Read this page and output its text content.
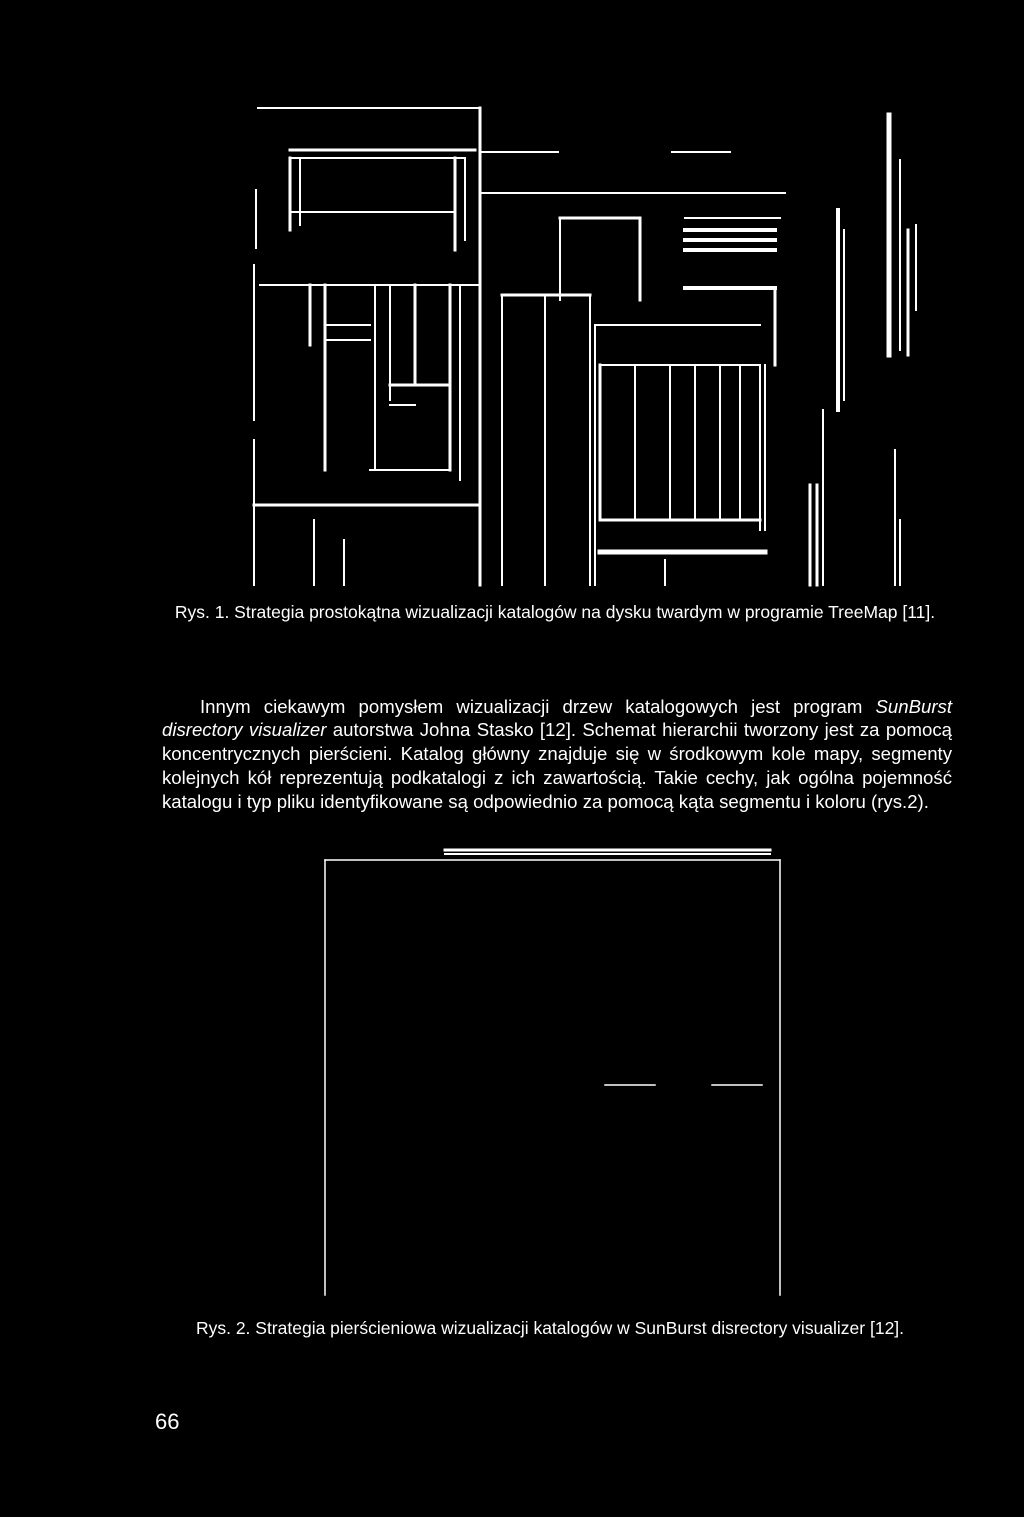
Rys. 1. Strategia prostokątna wizualizacji katalogów na dysku twardym w programie TreeMap [11].

Innym ciekawym pomysłem wizualizacji drzew katalogowych jest program SunBurst disrectory visualizer autorstwa Johna Stasko [12]. Schemat hierarchii tworzony jest za pomocą koncentrycznych pierścieni. Katalog główny znajduje się w środkowym kole mapy, segmenty kolejnych kół reprezentują podkatalogi z ich zawartością. Takie cechy, jak ogólna pojemność katalogu i typ pliku identyfikowane są odpowiednio za pomocą kąta segmentu i koloru (rys.2).

Rys. 2. Strategia pierścieniowa wizualizacji katalogów w SunBurst disrectory visualizer [12].
66
